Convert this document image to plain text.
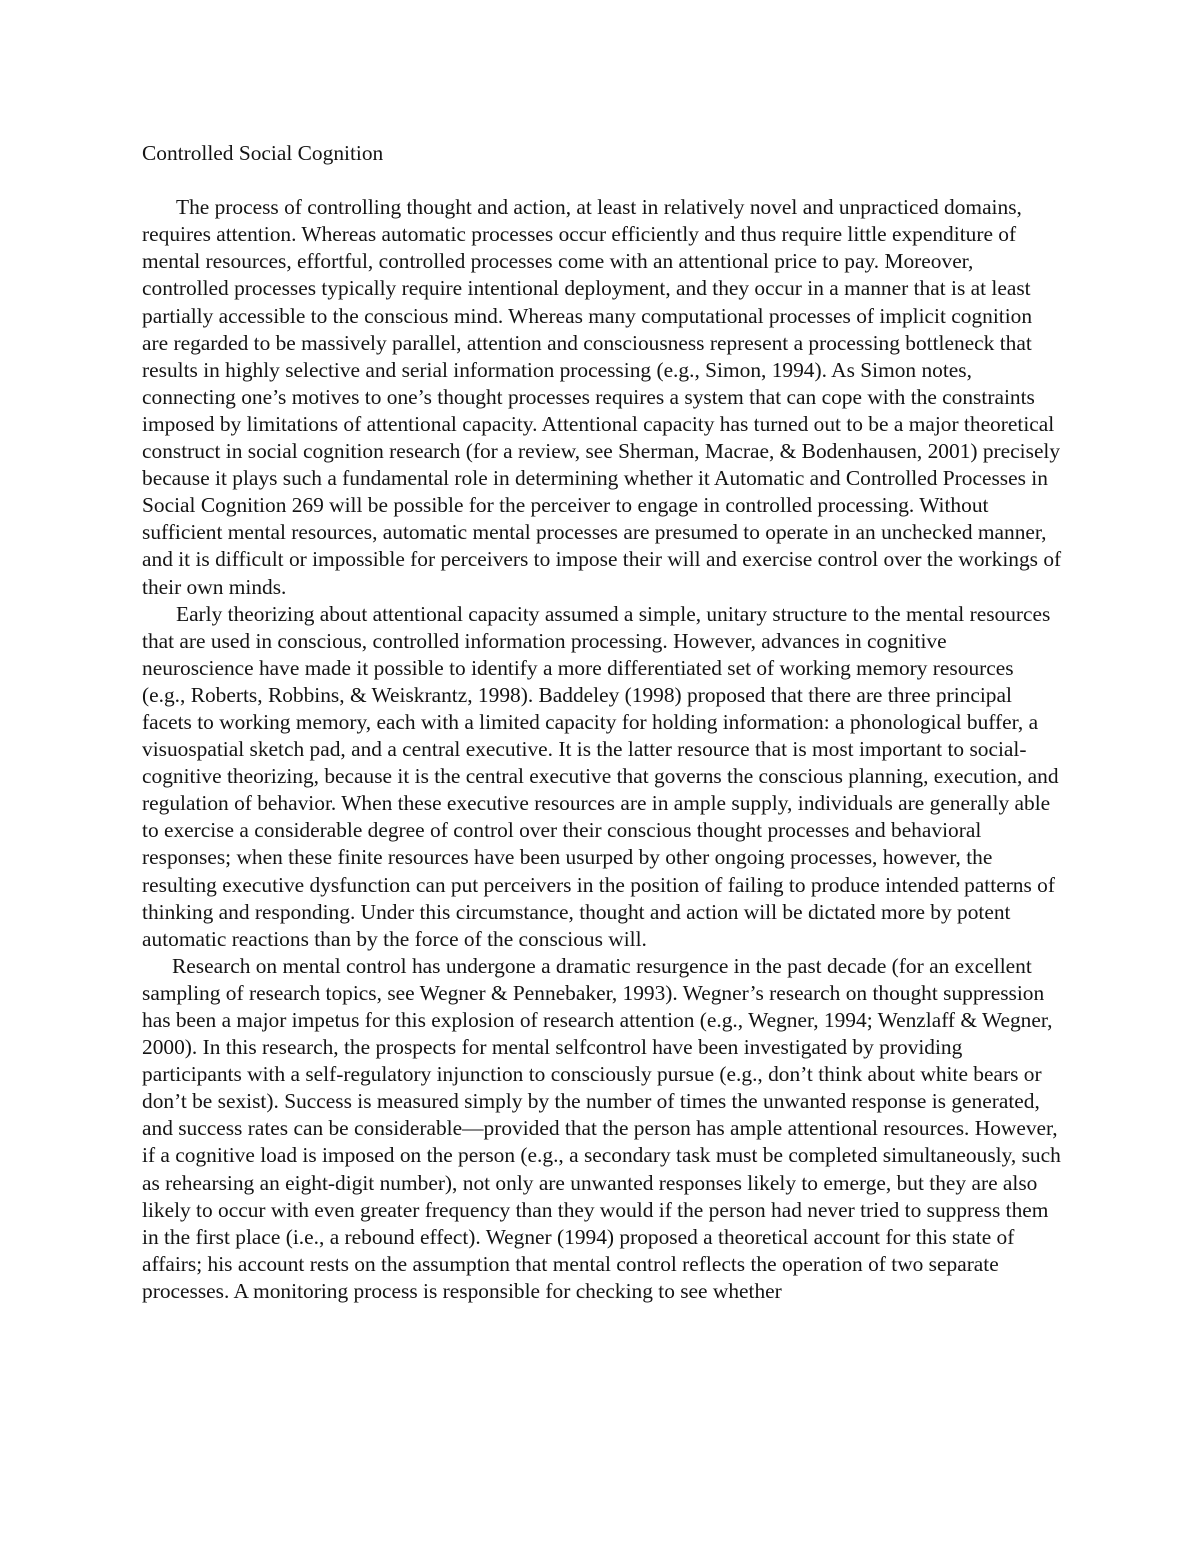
Controlled Social Cognition

The process of controlling thought and action, at least in relatively novel and unpracticed domains, requires attention. Whereas automatic processes occur efficiently and thus require little expenditure of mental resources, effortful, controlled processes come with an attentional price to pay. Moreover, controlled processes typically require intentional deployment, and they occur in a manner that is at least partially accessible to the conscious mind. Whereas many computational processes of implicit cognition are regarded to be massively parallel, attention and consciousness represent a processing bottleneck that results in highly selective and serial information processing (e.g., Simon, 1994). As Simon notes, connecting one’s motives to one’s thought processes requires a system that can cope with the constraints imposed by limitations of attentional capacity. Attentional capacity has turned out to be a major theoretical construct in social cognition research (for a review, see Sherman, Macrae, & Bodenhausen, 2001) precisely because it plays such a fundamental role in determining whether it Automatic and Controlled Processes in Social Cognition 269 will be possible for the perceiver to engage in controlled processing. Without sufficient mental resources, automatic mental processes are presumed to operate in an unchecked manner, and it is difficult or impossible for perceivers to impose their will and exercise control over the workings of their own minds.

Early theorizing about attentional capacity assumed a simple, unitary structure to the mental resources that are used in conscious, controlled information processing. However, advances in cognitive neuroscience have made it possible to identify a more differentiated set of working memory resources (e.g., Roberts, Robbins, & Weiskrantz, 1998). Baddeley (1998) proposed that there are three principal facets to working memory, each with a limited capacity for holding information: a phonological buffer, a visuospatial sketch pad, and a central executive. It is the latter resource that is most important to social-cognitive theorizing, because it is the central executive that governs the conscious planning, execution, and regulation of behavior. When these executive resources are in ample supply, individuals are generally able to exercise a considerable degree of control over their conscious thought processes and behavioral responses; when these finite resources have been usurped by other ongoing processes, however, the resulting executive dysfunction can put perceivers in the position of failing to produce intended patterns of thinking and responding. Under this circumstance, thought and action will be dictated more by potent automatic reactions than by the force of the conscious will.

Research on mental control has undergone a dramatic resurgence in the past decade (for an excellent sampling of research topics, see Wegner & Pennebaker, 1993). Wegner’s research on thought suppression has been a major impetus for this explosion of research attention (e.g., Wegner, 1994; Wenzlaff & Wegner, 2000). In this research, the prospects for mental selfcontrol have been investigated by providing participants with a self-regulatory injunction to consciously pursue (e.g., don’t think about white bears or don’t be sexist). Success is measured simply by the number of times the unwanted response is generated, and success rates can be considerable—provided that the person has ample attentional resources. However, if a cognitive load is imposed on the person (e.g., a secondary task must be completed simultaneously, such as rehearsing an eight-digit number), not only are unwanted responses likely to emerge, but they are also likely to occur with even greater frequency than they would if the person had never tried to suppress them in the first place (i.e., a rebound effect). Wegner (1994) proposed a theoretical account for this state of affairs; his account rests on the assumption that mental control reflects the operation of two separate processes. A monitoring process is responsible for checking to see whether
